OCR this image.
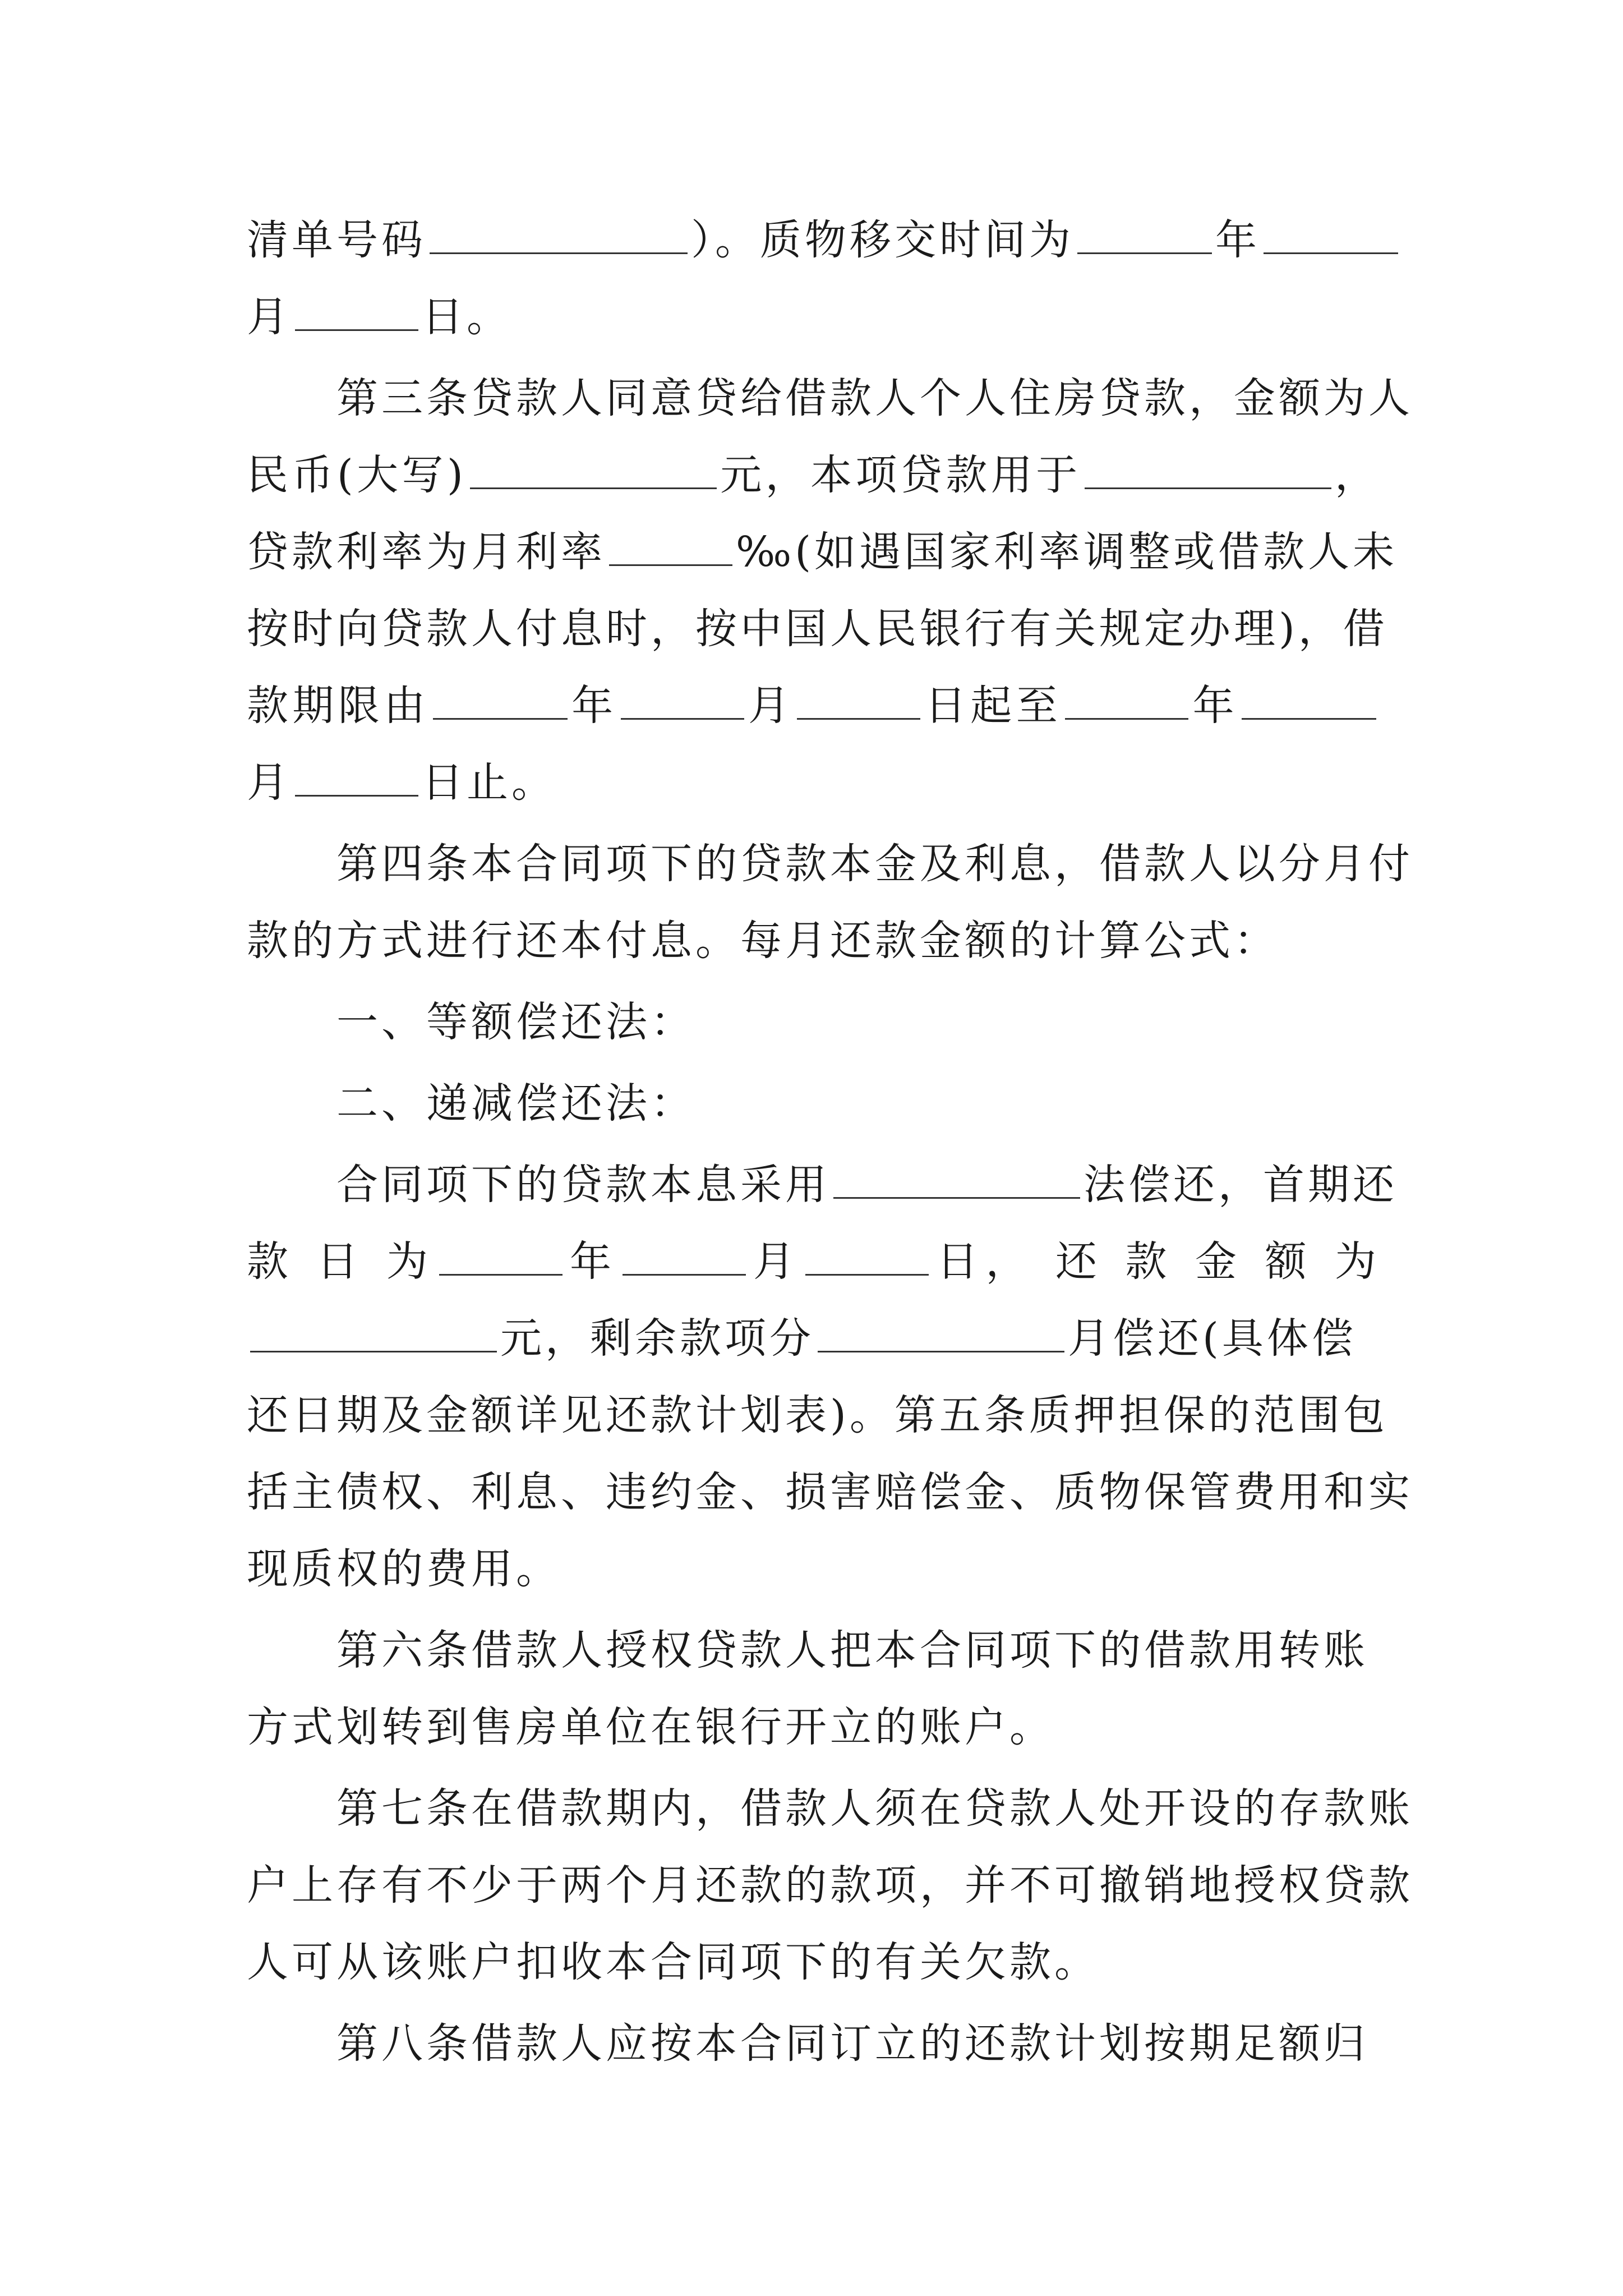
清单号码	）。质物移交时间为	年
月	日。
第三条贷款人同意贷给借款人个人住房贷款，金额为人
民币(大写)	元，本项贷款用于	，
贷款利率为月利率	‰(如遇国家利率调整或借款人未
按时向贷款人付息时，按中国人民银行有关规定办理)，借
款期限由	年	月	日起至	年
月	日止。
第四条本合同项下的贷款本金及利息，借款人以分月付
款的方式进行还本付息。每月还款金额的计算公式：
一、等额偿还法：
二、递减偿还法：
合同项下的贷款本息采用	法偿还，首期还
款 日 为	年	月	日， 还 款 金 额 为
元，剩余款项分	月偿还(具体偿
还日期及金额详见还款计划表)。第五条质押担保的范围包
括主债权、利息、违约金、损害赔偿金、质物保管费用和实
现质权的费用。
第六条借款人授权贷款人把本合同项下的借款用转账
方式划转到售房单位在银行开立的账户。
第七条在借款期内，借款人须在贷款人处开设的存款账
户上存有不少于两个月还款的款项，并不可撤销地授权贷款
人可从该账户扣收本合同项下的有关欠款。
第八条借款人应按本合同订立的还款计划按期足额归
